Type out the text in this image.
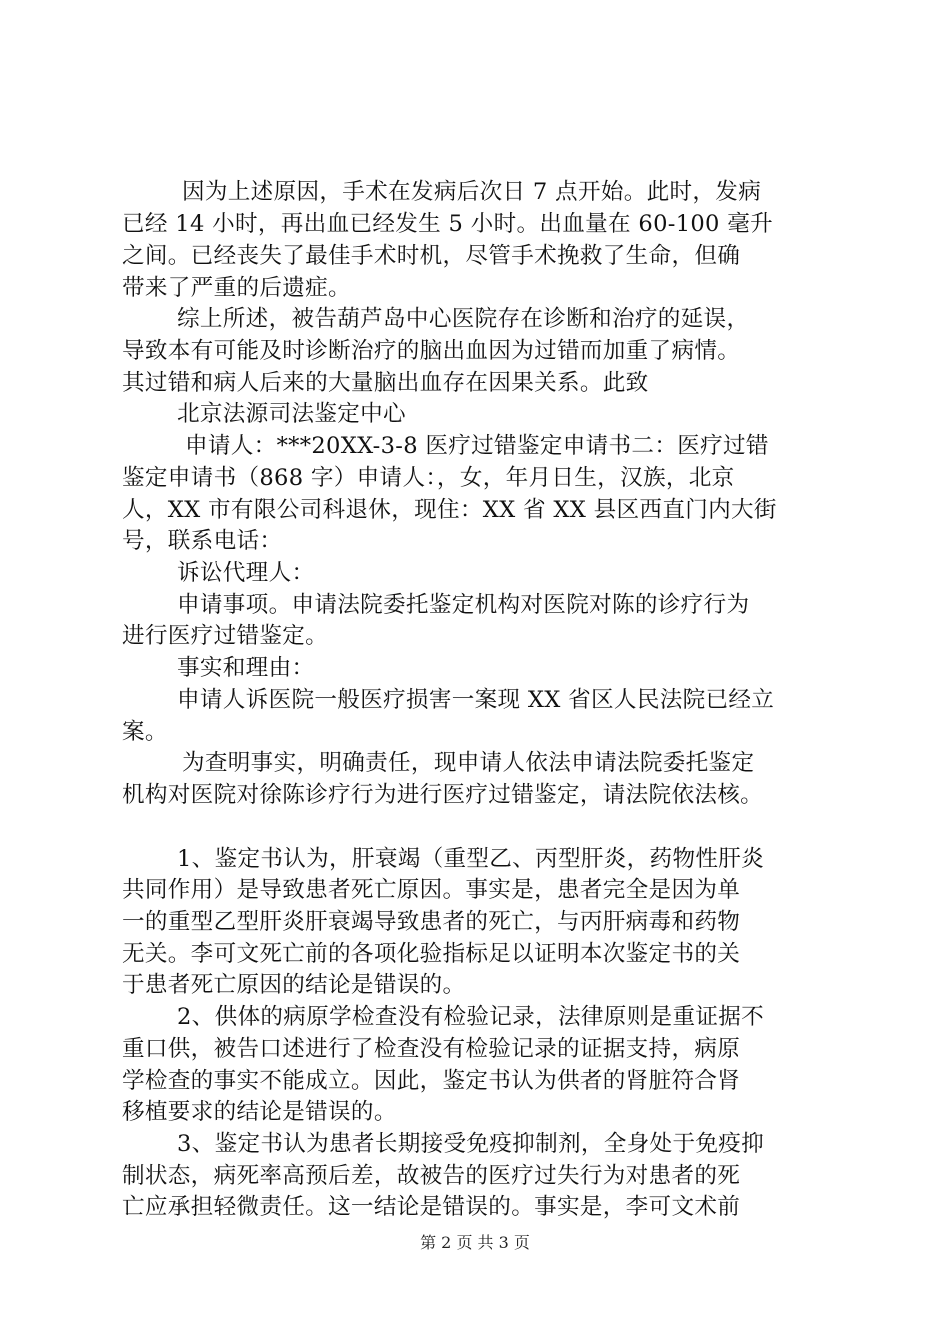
因为上述原因，手术在发病后次日 7 点开始。此时，发病
已经 14 小时，再出血已经发生 5 小时。出血量在 60-100 毫升
之间。已经丧失了最佳手术时机，尽管手术挽救了生命，但确
带来了严重的后遗症。
综上所述，被告葫芦岛中心医院存在诊断和治疗的延误，
导致本有可能及时诊断治疗的脑出血因为过错而加重了病情。
其过错和病人后来的大量脑出血存在因果关系。此致
北京法源司法鉴定中心
申请人：***20XX-3-8 医疗过错鉴定申请书二：医疗过错
鉴定申请书（868 字）申请人：，女，年月日生，汉族，北京
人，XX 市有限公司科退休，现住：XX 省 XX 县区西直门内大街
号，联系电话：
诉讼代理人：
申请事项。申请法院委托鉴定机构对医院对陈的诊疗行为
进行医疗过错鉴定。
事实和理由：
申请人诉医院一般医疗损害一案现 XX 省区人民法院已经立
案。
为查明事实，明确责任，现申请人依法申请法院委托鉴定
机构对医院对徐陈诊疗行为进行医疗过错鉴定，请法院依法核。
1、鉴定书认为，肝衰竭（重型乙、丙型肝炎，药物性肝炎
共同作用）是导致患者死亡原因。事实是，患者完全是因为单
一的重型乙型肝炎肝衰竭导致患者的死亡，与丙肝病毒和药物
无关。李可文死亡前的各项化验指标足以证明本次鉴定书的关
于患者死亡原因的结论是错误的。
2、供体的病原学检查没有检验记录，法律原则是重证据不
重口供，被告口述进行了检查没有检验记录的证据支持，病原
学检查的事实不能成立。因此，鉴定书认为供者的肾脏符合肾
移植要求的结论是错误的。
3、鉴定书认为患者长期接受免疫抑制剂，全身处于免疫抑
制状态，病死率高预后差，故被告的医疗过失行为对患者的死
亡应承担轻微责任。这一结论是错误的。事实是，李可文术前
第 2 页 共 3 页
